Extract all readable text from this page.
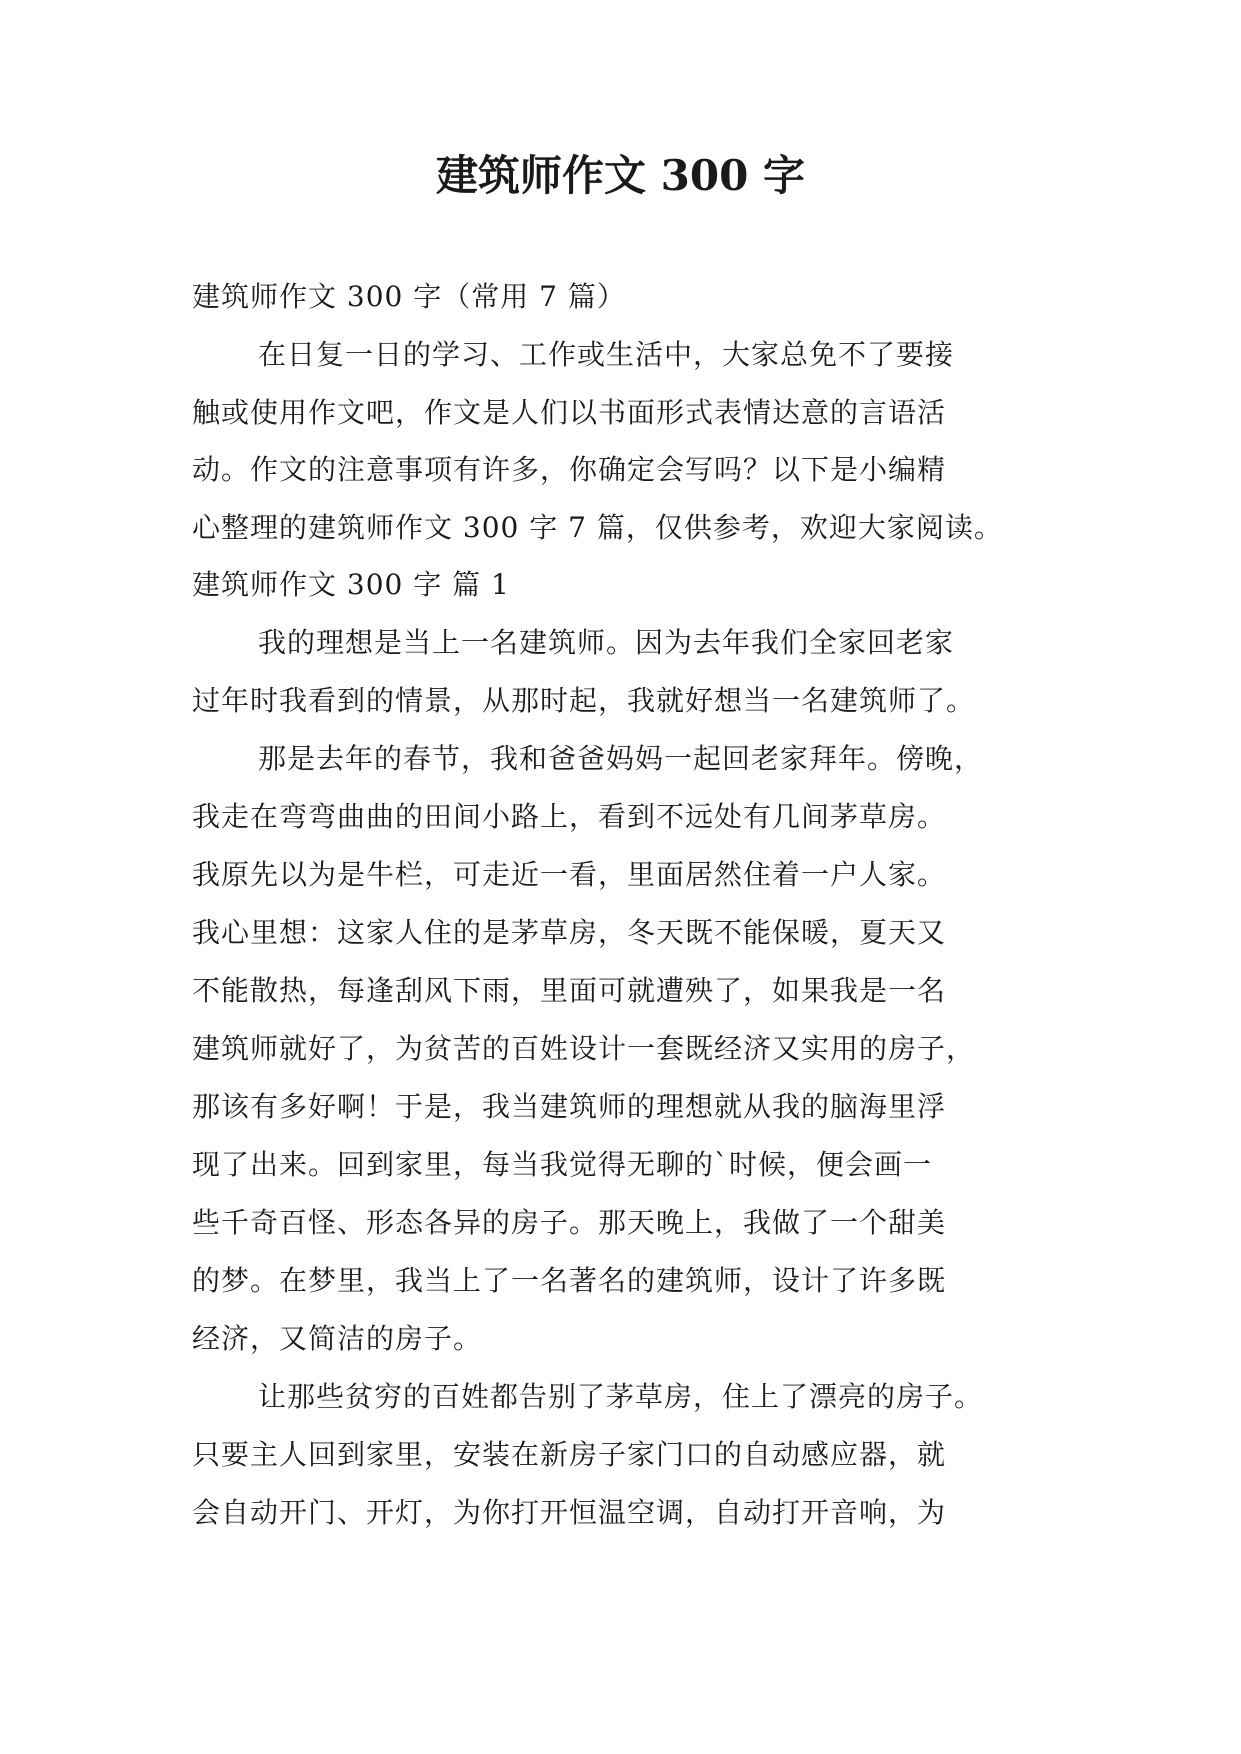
建筑师作文 300 字
建筑师作文 300 字（常用 7 篇）
在日复一日的学习、工作或生活中，大家总免不了要接
触或使用作文吧，作文是人们以书面形式表情达意的言语活
动。作文的注意事项有许多，你确定会写吗？以下是小编精
心整理的建筑师作文 300 字 7 篇，仅供参考，欢迎大家阅读。
建筑师作文 300 字 篇 1
我的理想是当上一名建筑师。因为去年我们全家回老家
过年时我看到的情景，从那时起，我就好想当一名建筑师了。
那是去年的春节，我和爸爸妈妈一起回老家拜年。傍晚，
我走在弯弯曲曲的田间小路上，看到不远处有几间茅草房。
我原先以为是牛栏，可走近一看，里面居然住着一户人家。
我心里想：这家人住的是茅草房，冬天既不能保暖，夏天又
不能散热，每逢刮风下雨，里面可就遭殃了，如果我是一名
建筑师就好了，为贫苦的百姓设计一套既经济又实用的房子，
那该有多好啊！于是，我当建筑师的理想就从我的脑海里浮
现了出来。回到家里，每当我觉得无聊的`时候，便会画一
些千奇百怪、形态各异的房子。那天晚上，我做了一个甜美
的梦。在梦里，我当上了一名著名的建筑师，设计了许多既
经济，又简洁的房子。
让那些贫穷的百姓都告别了茅草房，住上了漂亮的房子。
只要主人回到家里，安装在新房子家门口的自动感应器，就
会自动开门、开灯，为你打开恒温空调，自动打开音响，为
